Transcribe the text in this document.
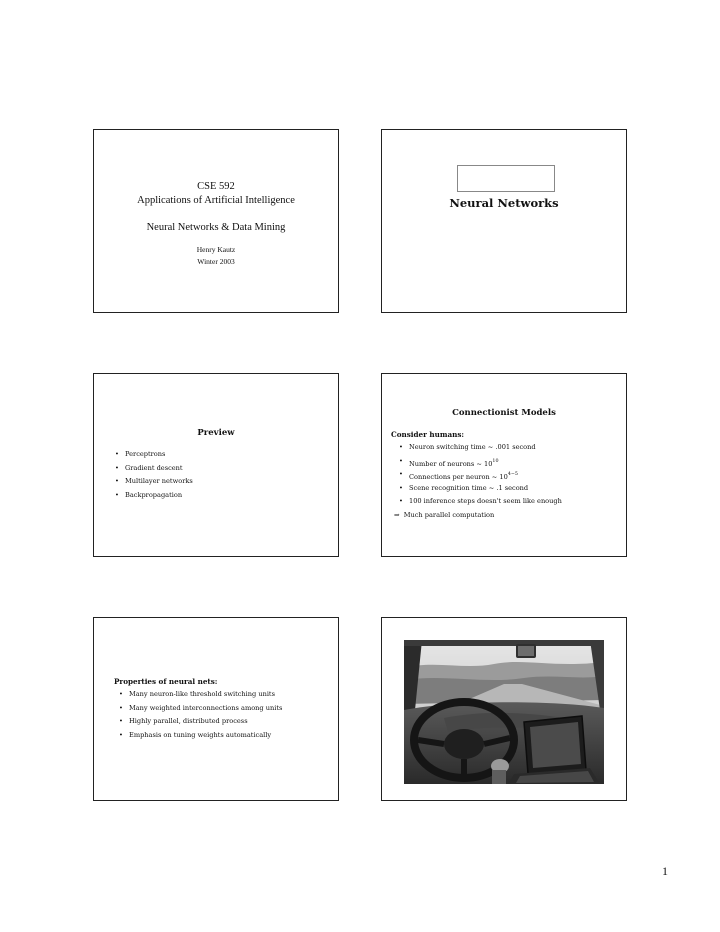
CSE 592
Applications of Artificial Intelligence
Neural Networks & Data Mining
Henry Kautz
Winter 2003
Neural Networks
Preview
• Perceptrons
• Gradient descent
• Multilayer networks
• Backpropagation
Connectionist Models
Consider humans:
• Neuron switching time ~ .001 second
• Number of neurons ~ $10^{10}$
• Connections per neuron ~ $10^{4-5}$
• Scene recognition time ~ .1 second
• 100 inference steps doesn't seem like enough
⇒ Much parallel computation
Properties of neural nets:
• Many neuron-like threshold switching units
• Many weighted interconnections among units
• Highly parallel, distributed process
• Emphasis on tuning weights automatically
1
